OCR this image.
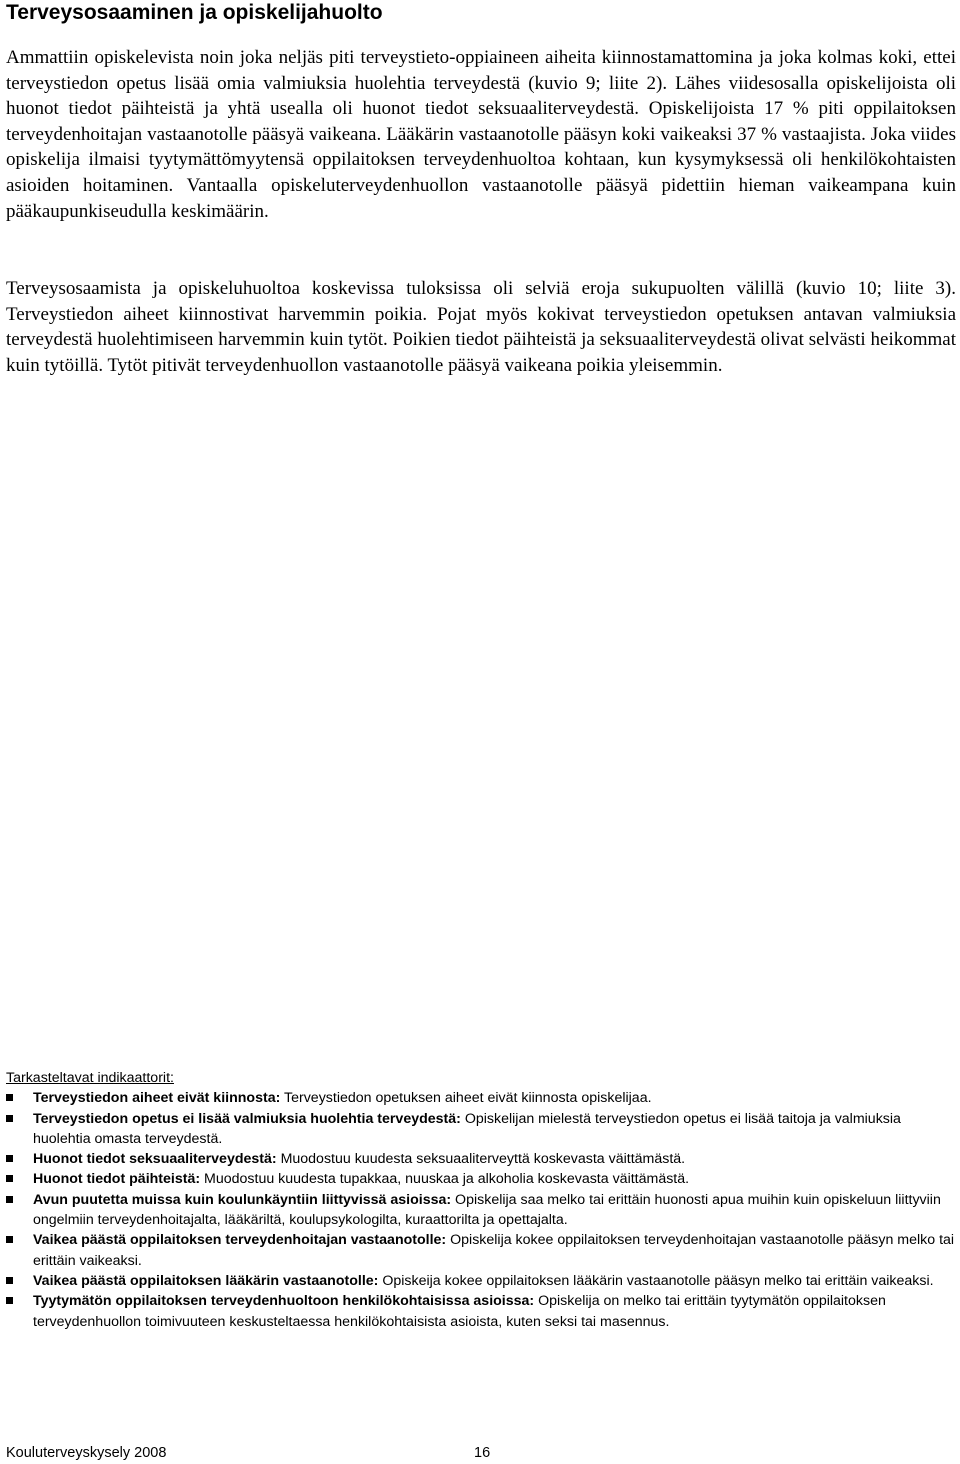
Terveysosaaminen ja opiskelijahuolto

Ammattiin opiskelevista noin joka neljäs piti terveystieto-oppiaineen aiheita kiinnostamattomina ja joka kolmas koki, ettei terveystiedon opetus lisää omia valmiuksia huolehtia terveydestä (kuvio 9; liite 2). Lähes viidesosalla opiskelijoista oli huonot tiedot päihteistä ja yhtä usealla oli huonot tiedot seksuaaliterveydestä. Opiskelijoista 17 % piti oppilaitoksen terveydenhoitajan vastaanotolle pääsyä vaikeana. Lääkärin vastaanotolle pääsyn koki vaikeaksi 37 % vastaajista. Joka viides opiskelija ilmaisi tyytymättömyytensä oppilaitoksen terveydenhuoltoa kohtaan, kun kysymyksessä oli henkilökohtaisten asioiden hoitaminen. Vantaalla opiskeluterveydenhuollon vastaanotolle pääsyä pidettiin hieman vaikeampana kuin pääkaupunkiseudulla keskimäärin.

Terveysosaamista ja opiskeluhuoltoa koskevissa tuloksissa oli selviä eroja sukupuolten välillä (kuvio 10; liite 3). Terveystiedon aiheet kiinnostivat harvemmin poikia. Pojat myös kokivat terveystiedon opetuksen antavan valmiuksia terveydestä huolehtimiseen harvemmin kuin tytöt. Poikien tiedot päihteistä ja seksuaaliterveydestä olivat selvästi heikommat kuin tytöillä. Tytöt pitivät terveydenhuollon vastaanotolle pääsyä vaikeana poikia yleisemmin.

Tarkasteltavat indikaattorit:

Terveystiedon aiheet eivät kiinnosta: Terveystiedon opetuksen aiheet eivät kiinnosta opiskelijaa.
Terveystiedon opetus ei lisää valmiuksia huolehtia terveydestä: Opiskelijan mielestä terveystiedon opetus ei lisää taitoja ja valmiuksia huolehtia omasta terveydestä.
Huonot tiedot seksuaaliterveydestä: Muodostuu kuudesta seksuaaliterveyttä koskevasta väittämästä.
Huonot tiedot päihteistä: Muodostuu kuudesta tupakkaa, nuuskaa ja alkoholia koskevasta väittämästä.
Avun puutetta muissa kuin koulunkäyntiin liittyvissä asioissa: Opiskelija saa melko tai erittäin huonosti apua muihin kuin opiskeluun liittyviin ongelmiin terveydenhoitajalta, lääkäriltä, koulupsykologilta, kuraattorilta ja opettajalta.
Vaikea päästä oppilaitoksen terveydenhoitajan vastaanotolle: Opiskelija kokee oppilaitoksen terveydenhoitajan vastaanotolle pääsyn melko tai erittäin vaikeaksi.
Vaikea päästä oppilaitoksen lääkärin vastaanotolle: Opiskeija kokee oppilaitoksen lääkärin vastaanotolle pääsyn melko tai erittäin vaikeaksi.
Tyytymätön oppilaitoksen terveydenhuoltoon henkilökohtaisissa asioissa: Opiskelija on melko tai erittäin tyytymätön oppilaitoksen terveydenhuollon toimivuuteen keskusteltaessa henkilökohtaisista asioista, kuten seksi tai masennus.
Kouluterveyskysely 2008	16
